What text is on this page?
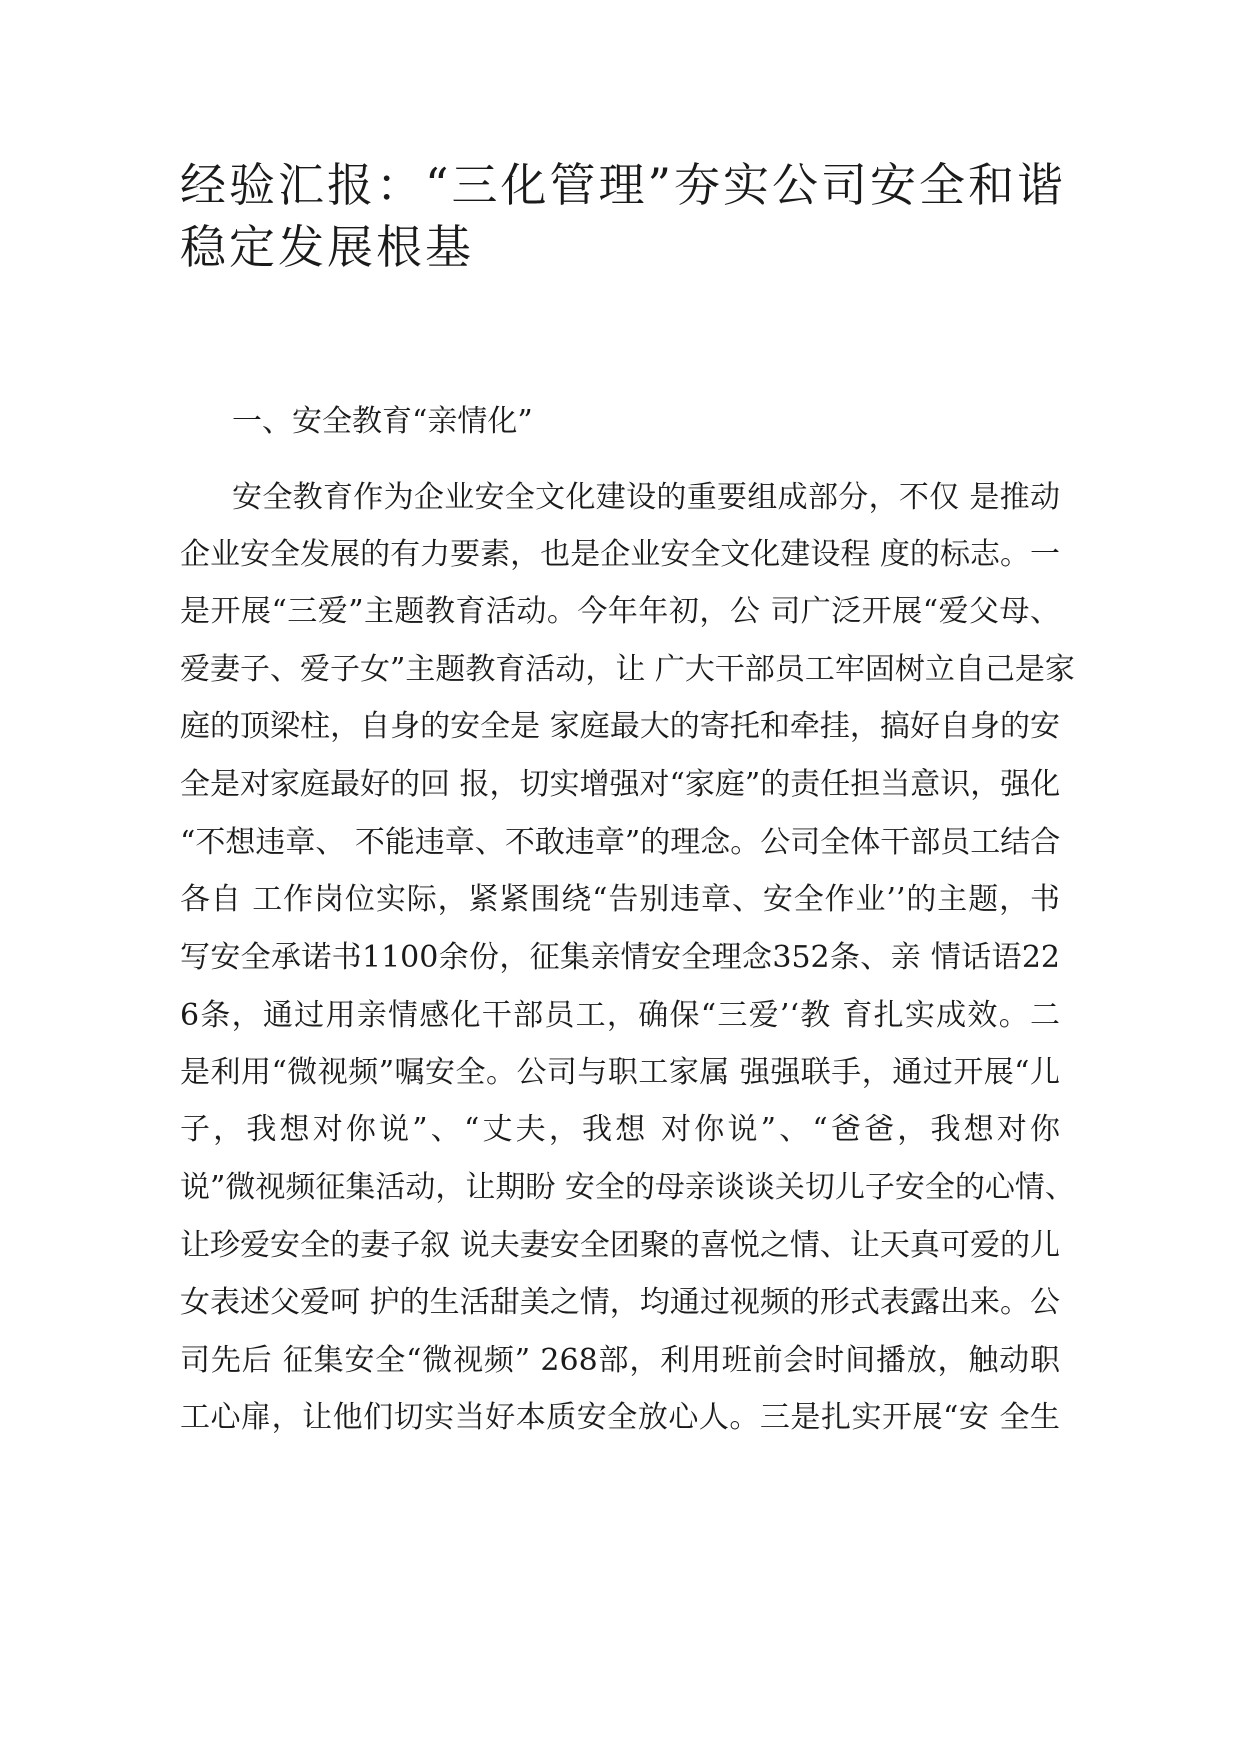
经验汇报：“三化管理”夯实公司安全和谐
稳定发展根基
一、安全教育“亲情化”

安全教育作为企业安全文化建设的重要组成部分，不仅 是推动

企业安全发展的有力要素，也是企业安全文化建设程 度的标志。一

是开展“三爱”主题教育活动。今年年初，公 司广泛开展“爱父母、

爱妻子、爱子女”主题教育活动，让 广大干部员工牢固树立自己是家

庭的顶梁柱，自身的安全是 家庭最大的寄托和牵挂，搞好自身的安

全是对家庭最好的回 报，切实增强对“家庭”的责任担当意识，强化

“不想违章、 不能违章、不敢违章”的理念。公司全体干部员工结合

各自 工作岗位实际，紧紧围绕“告别违章、安全作业’’的主题，书

写安全承诺书1100余份，征集亲情安全理念352条、亲 情话语22

6条，通过用亲情感化干部员工，确保“三爱’‘教 育扎实成效。二

是利用“微视频”嘱安全。公司与职工家属 强强联手，通过开展“儿

子，我想对你说”、“丈夫，我想 对你说”、“爸爸，我想对你

说”微视频征集活动，让期盼 安全的母亲谈谈关切儿子安全的心情、

让珍爱安全的妻子叙 说夫妻安全团聚的喜悦之情、让天真可爱的儿

女表述父爱呵 护的生活甜美之情，均通过视频的形式表露出来。公

司先后 征集安全“微视频” 268部，利用班前会时间播放，触动职

工心扉，让他们切实当好本质安全放心人。三是扎实开展“安 全生
